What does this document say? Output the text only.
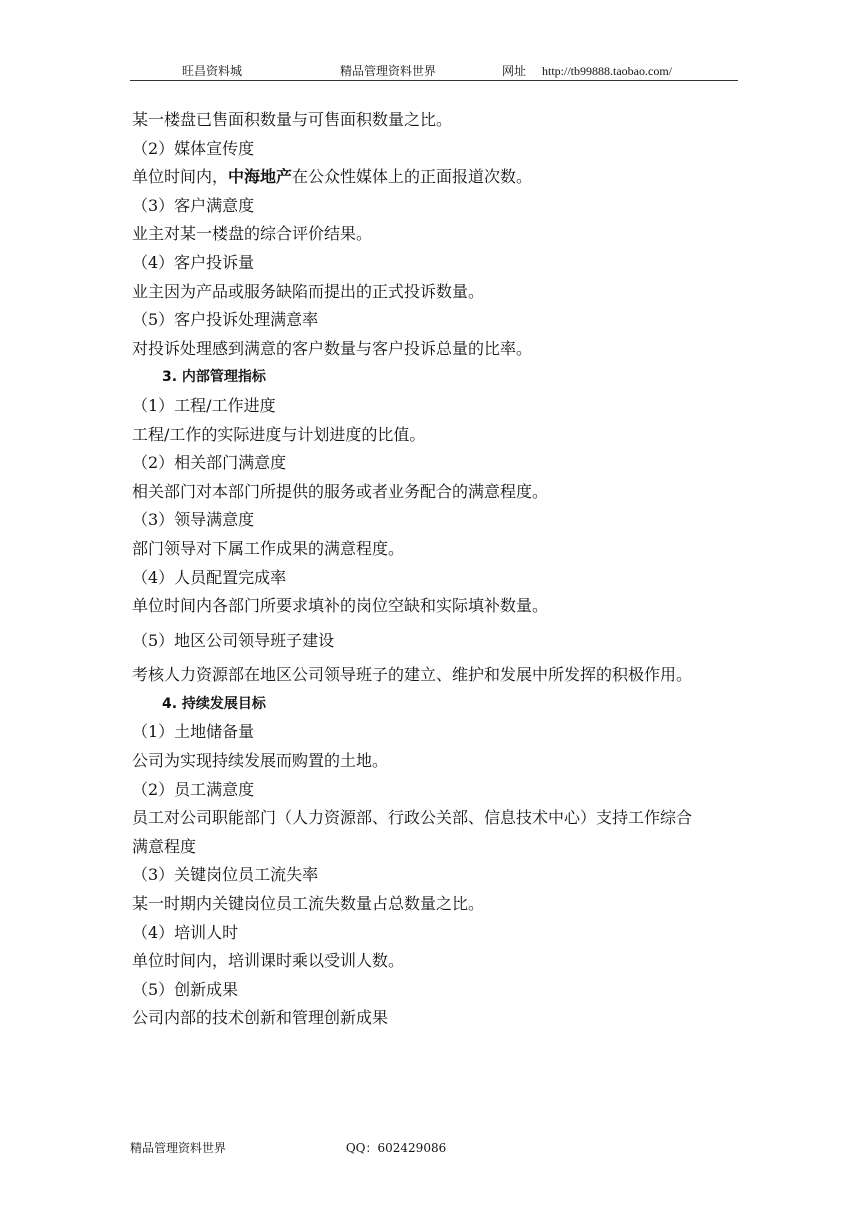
旺昌资料城	精品管理资料世界	网址 http://tb99888.taobao.com/
某一楼盘已售面积数量与可售面积数量之比。
（2）媒体宣传度
单位时间内，中海地产在公众性媒体上的正面报道次数。
（3）客户满意度
业主对某一楼盘的综合评价结果。
（4）客户投诉量
业主因为产品或服务缺陷而提出的正式投诉数量。
（5）客户投诉处理满意率
对投诉处理感到满意的客户数量与客户投诉总量的比率。
3. 内部管理指标
（1）工程/工作进度
工程/工作的实际进度与计划进度的比值。
（2）相关部门满意度
相关部门对本部门所提供的服务或者业务配合的满意程度。
（3）领导满意度
部门领导对下属工作成果的满意程度。
（4）人员配置完成率
单位时间内各部门所要求填补的岗位空缺和实际填补数量。
（5）地区公司领导班子建设
考核人力资源部在地区公司领导班子的建立、维护和发展中所发挥的积极作用。
4. 持续发展目标
（1）土地储备量
公司为实现持续发展而购置的土地。
（2）员工满意度
员工对公司职能部门（人力资源部、行政公关部、信息技术中心）支持工作综合
满意程度
（3）关键岗位员工流失率
某一时期内关键岗位员工流失数量占总数量之比。
（4）培训人时
单位时间内，培训课时乘以受训人数。
（5）创新成果
公司内部的技术创新和管理创新成果
精品管理资料世界	QQ：602429086
